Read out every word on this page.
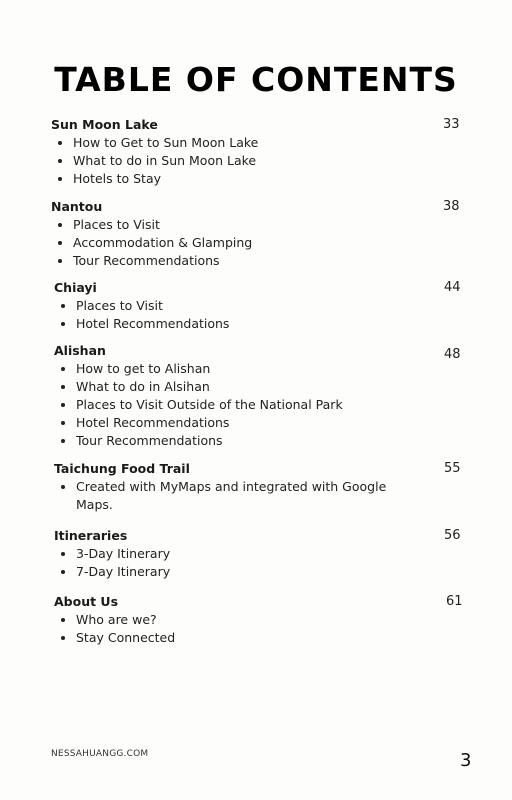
TABLE OF CONTENTS
Sun Moon Lake	33
• How to Get to Sun Moon Lake
• What to do in Sun Moon Lake
• Hotels to Stay
Nantou	38
• Places to Visit
• Accommodation & Glamping
• Tour Recommendations
Chiayi	44
• Places to Visit
• Hotel Recommendations
Alishan	48
• How to get to Alishan
• What to do in Alsihan
• Places to Visit Outside of the National Park
• Hotel Recommendations
• Tour Recommendations
Taichung Food Trail	55
• Created with MyMaps and integrated with Google Maps.
Itineraries	56
• 3-Day Itinerary
• 7-Day Itinerary
About Us	61
• Who are we?
• Stay Connected
NESSAHUANGG.COM	3
